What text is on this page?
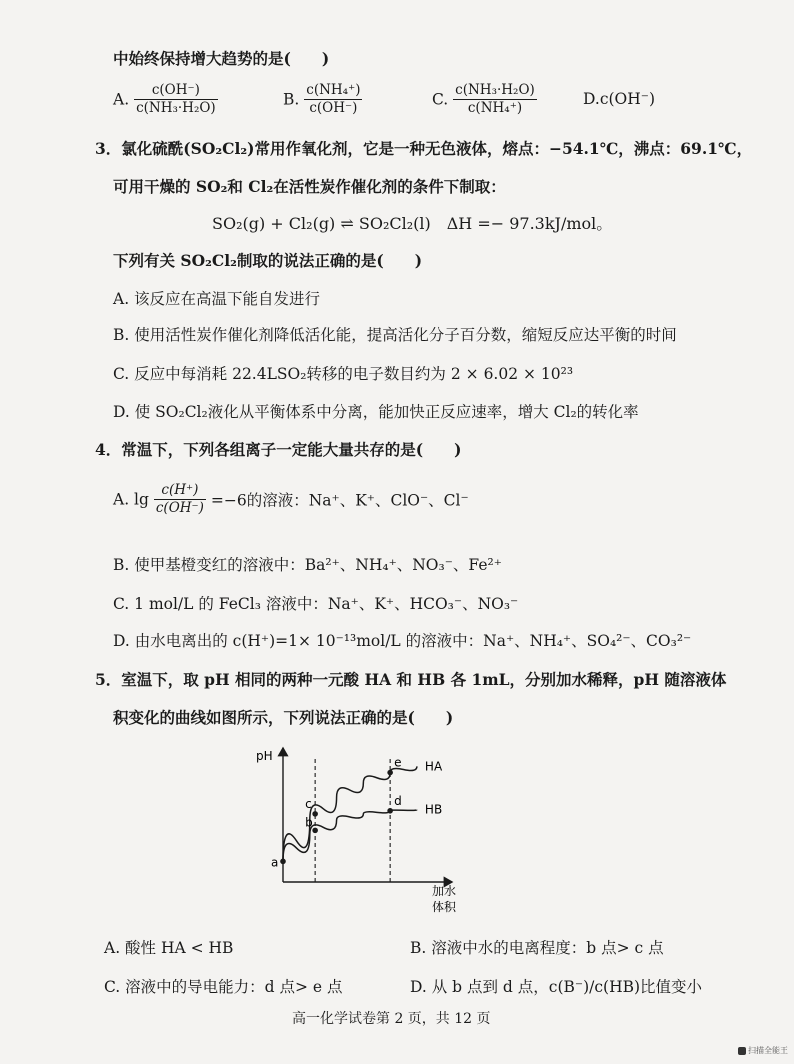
中始终保持增大趋势的是(　　)
A. $\frac{c(OH^-)}{\text{c(NH₃·H₂O)}}$	B. $\frac{\text{c(NH₄⁺)}}{c(OH^-)}$	C. $\frac{\text{c(NH₃·H₂O)}}{\text{c(NH₄⁺)}}$	D.c(OH⁻)
3．氯化硫酰(SO₂Cl₂)常用作氧化剂，它是一种无色液体，熔点：−54.1℃，沸点：69.1℃，
可用干燥的 SO₂和 Cl₂在活性炭作催化剂的条件下制取：
SO₂(g) + Cl₂(g) ⇌ SO₂Cl₂(l)　ΔH =− 97.3kJ/mol。
下列有关 SO₂Cl₂制取的说法正确的是(　　)
A. 该反应在高温下能自发进行
B. 使用活性炭作催化剂降低活化能，提高活化分子百分数，缩短反应达平衡的时间
C. 反应中每消耗 22.4LSO₂转移的电子数目约为 2 × 6.02 × 10²³
D. 使 SO₂Cl₂液化从平衡体系中分离，能加快正反应速率，增大 Cl₂的转化率
4．常温下，下列各组离子一定能大量共存的是(　　)
A. $\lg \frac{c(H^+)}{c(OH^-)} =-6$的溶液：Na⁺、K⁺、ClO⁻、Cl⁻
B. 使甲基橙变红的溶液中：Ba²⁺、NH₄⁺、NO₃⁻、Fe²⁺
C. 1 mol/L 的 FeCl₃ 溶液中：Na⁺、K⁺、HCO₃⁻、NO₃⁻
D. 由水电离出的 c(H⁺)=1× 10⁻¹³mol/L 的溶液中：Na⁺、NH₄⁺、SO₄²⁻、CO₃²⁻
5．室温下，取 pH 相同的两种一元酸 HA 和 HB 各 1mL，分别加水稀释，pH 随溶液体
积变化的曲线如图所示，下列说法正确的是(　　)
pH
加水
体积
HA
HB
a
b
c	d
e
A. 酸性 HA < HB	B. 溶液中水的电离程度：b 点> c 点
C. 溶液中的导电能力：d 点> e 点	D. 从 b 点到 d 点，c(B⁻)/c(HB)比值变小
高一化学试卷第 2 页，共 12 页
扫描全能王
